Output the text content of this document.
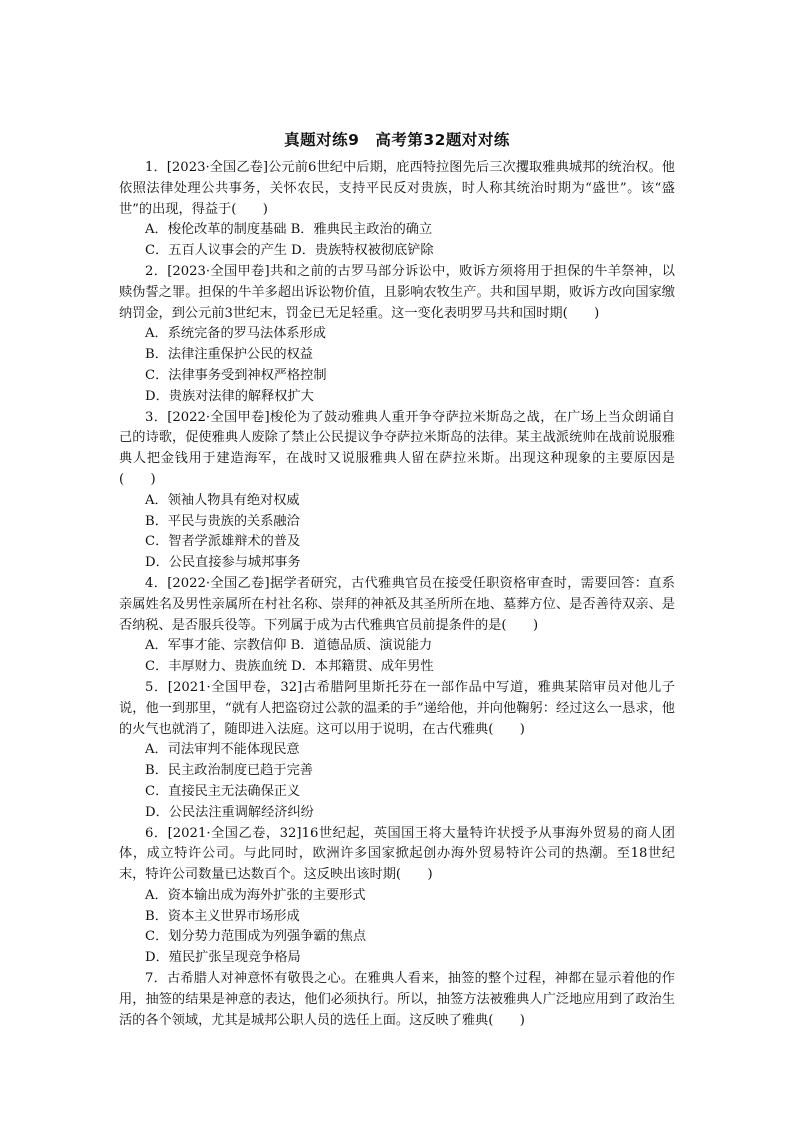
真题对练9　高考第32题对对练

1．[2023·全国乙卷]公元前6世纪中后期，庇西特拉图先后三次攫取雅典城邦的统治权。他依照法律处理公共事务，关怀农民，支持平民反对贵族，时人称其统治时期为“盛世”。该“盛世”的出现，得益于(　　)

A．梭伦改革的制度基础 B．雅典民主政治的确立

C．五百人议事会的产生 D．贵族特权被彻底铲除

2．[2023·全国甲卷]共和之前的古罗马部分诉讼中，败诉方须将用于担保的牛羊祭神，以赎伪誓之罪。担保的牛羊多超出诉讼物价值，且影响农牧生产。共和国早期，败诉方改向国家缴纳罚金，到公元前3世纪末，罚金已无足轻重。这一变化表明罗马共和国时期(　　)

A．系统完备的罗马法体系形成

B．法律注重保护公民的权益

C．法律事务受到神权严格控制

D．贵族对法律的解释权扩大

3．[2022·全国甲卷]梭伦为了鼓动雅典人重开争夺萨拉米斯岛之战，在广场上当众朗诵自己的诗歌，促使雅典人废除了禁止公民提议争夺萨拉米斯岛的法律。某主战派统帅在战前说服雅典人把金钱用于建造海军，在战时又说服雅典人留在萨拉米斯。出现这种现象的主要原因是(　　)

A．领袖人物具有绝对权威

B．平民与贵族的关系融洽

C．智者学派雄辩术的普及

D．公民直接参与城邦事务

4．[2022·全国乙卷]据学者研究，古代雅典官员在接受任职资格审查时，需要回答：直系亲属姓名及男性亲属所在村社名称、崇拜的神祇及其圣所所在地、墓葬方位、是否善待双亲、是否纳税、是否服兵役等。下列属于成为古代雅典官员前提条件的是(　　)

A．军事才能、宗教信仰 B．道德品质、演说能力

C．丰厚财力、贵族血统 D．本邦籍贯、成年男性

5．[2021·全国甲卷，32]古希腊阿里斯托芬在一部作品中写道，雅典某陪审员对他儿子说，他一到那里，“就有人把盗窃过公款的温柔的手”递给他，并向他鞠躬：经过这么一恳求，他的火气也就消了，随即进入法庭。这可以用于说明，在古代雅典(　　)

A．司法审判不能体现民意

B．民主政治制度已趋于完善

C．直接民主无法确保正义

D．公民法注重调解经济纠纷

6．[2021·全国乙卷，32]16世纪起，英国国王将大量特许状授予从事海外贸易的商人团体，成立特许公司。与此同时，欧洲许多国家掀起创办海外贸易特许公司的热潮。至18世纪末，特许公司数量已达数百个。这反映出该时期(　　)

A．资本输出成为海外扩张的主要形式

B．资本主义世界市场形成

C．划分势力范围成为列强争霸的焦点

D．殖民扩张呈现竞争格局

7．古希腊人对神意怀有敬畏之心。在雅典人看来，抽签的整个过程，神都在显示着他的作用，抽签的结果是神意的表达，他们必须执行。所以，抽签方法被雅典人广泛地应用到了政治生活的各个领域，尤其是城邦公职人员的选任上面。这反映了雅典(　　)
